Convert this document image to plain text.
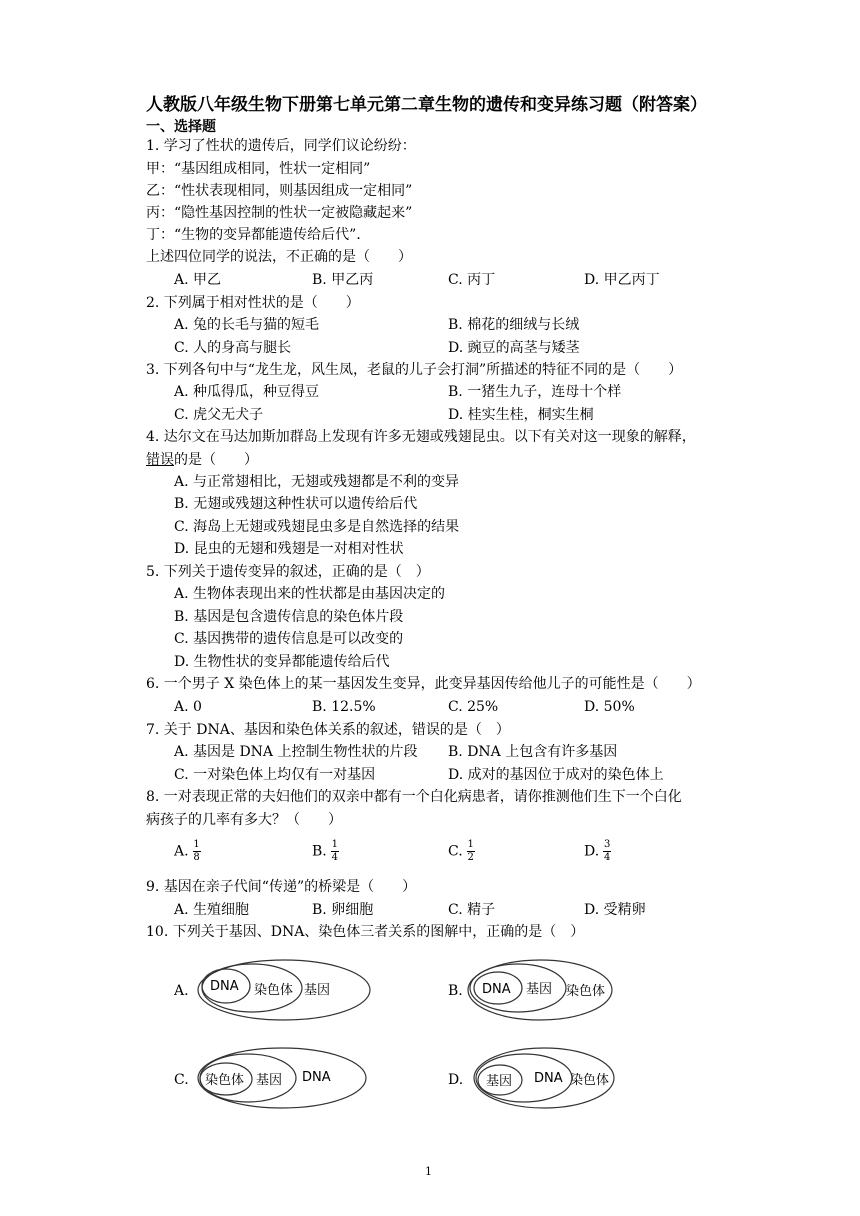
人教版八年级生物下册第七单元第二章生物的遗传和变异练习题（附答案）
一、选择题
1. 学习了性状的遗传后，同学们议论纷纷：
甲：“基因组成相同，性状一定相同”
乙：“性状表现相同，则基因组成一定相同”
丙：“隐性基因控制的性状一定被隐藏起来”
丁：“生物的变异都能遗传给后代”．
上述四位同学的说法，不正确的是（　　）
A. 甲乙	B. 甲乙丙	C. 丙丁	D. 甲乙丙丁
2. 下列属于相对性状的是（　　）
A. 兔的长毛与猫的短毛	B. 棉花的细绒与长绒
C. 人的身高与腿长	D. 豌豆的高茎与矮茎
3. 下列各句中与“龙生龙，风生凤，老鼠的儿子会打洞”所描述的特征不同的是（　　）
A. 种瓜得瓜，种豆得豆	B. 一猪生九子，连母十个样
C. 虎父无犬子	D. 桂实生桂，桐实生桐
4. 达尔文在马达加斯加群岛上发现有许多无翅或残翅昆虫。以下有关对这一现象的解释，
错误的是（　　）
A. 与正常翅相比，无翅或残翅都是不利的变异
B. 无翅或残翅这种性状可以遗传给后代
C. 海岛上无翅或残翅昆虫多是自然选择的结果
D. 昆虫的无翅和残翅是一对相对性状
5. 下列关于遗传变异的叙述，正确的是（　）
A. 生物体表现出来的性状都是由基因决定的
B. 基因是包含遗传信息的染色体片段
C. 基因携带的遗传信息是可以改变的
D. 生物性状的变异都能遗传给后代
6. 一个男子 X 染色体上的某一基因发生变异，此变异基因传给他儿子的可能性是（　　）
A. 0	B. 12.5%	C. 25%	D. 50%
7. 关于 DNA、基因和染色体关系的叙述，错误的是（　）
A. 基因是 DNA 上控制生物性状的片段 B. DNA 上包含有许多基因
C. 一对染色体上均仅有一对基因	D. 成对的基因位于成对的染色体上
8. 一对表现正常的夫妇他们的双亲中都有一个白化病患者，请你推测他们生下一个白化
病孩子的几率有多大？（　　）
A. $\frac{1}{8}$	B. $\frac{1}{4}$	C. $\frac{1}{2}$	D. $\frac{3}{4}$
9. 基因在亲子代间“传递”的桥梁是（　　）
A. 生殖细胞	B. 卵细胞	C. 精子	D. 受精卵
10. 下列关于基因、DNA、染色体三者关系的图解中，正确的是（　）
A. DNA 染色体 基因	B. DNA 基因 染色体
C. 染色体 基因 DNA	D. 基因 DNA 染色体
1
